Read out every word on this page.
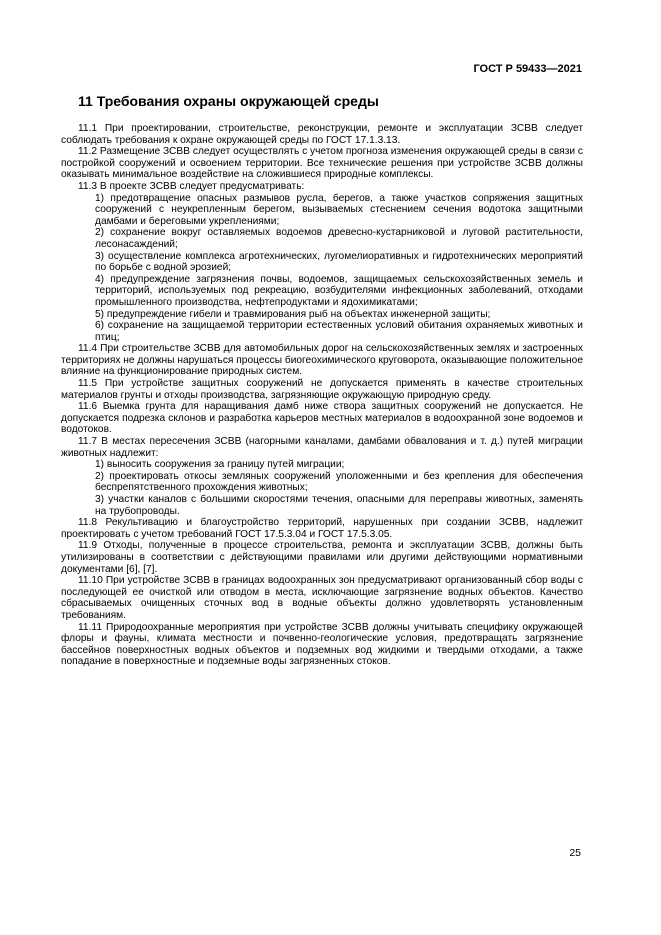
ГОСТ Р 59433—2021
11 Требования охраны окружающей среды

11.1 При проектировании, строительстве, реконструкции, ремонте и эксплуатации ЗСВВ следует соблюдать требования к охране окружающей среды по ГОСТ 17.1.3.13.

11.2 Размещение ЗСВВ следует осуществлять с учетом прогноза изменения окружающей среды в связи с постройкой сооружений и освоением территории. Все технические решения при устройстве ЗСВВ должны оказывать минимальное воздействие на сложившиеся природные комплексы.

11.3 В проекте ЗСВВ следует предусматривать:

1) предотвращение опасных размывов русла, берегов, а также участков сопряжения защитных сооружений с неукрепленным берегом, вызываемых стеснением сечения водотока защитными дамбами и береговыми укреплениями;

2) сохранение вокруг оставляемых водоемов древесно-кустарниковой и луговой растительности, лесонасаждений;

3) осуществление комплекса агротехнических, лугомелиоративных и гидротехнических мероприятий по борьбе с водной эрозией;

4) предупреждение загрязнения почвы, водоемов, защищаемых сельскохозяйственных земель и территорий, используемых под рекреацию, возбудителями инфекционных заболеваний, отходами промышленного производства, нефтепродуктами и ядохимикатами;

5) предупреждение гибели и травмирования рыб на объектах инженерной защиты;

6) сохранение на защищаемой территории естественных условий обитания охраняемых животных и птиц;

11.4 При строительстве ЗСВВ для автомобильных дорог на сельскохозяйственных землях и застроенных территориях не должны нарушаться процессы биогеохимического круговорота, оказывающие положительное влияние на функционирование природных систем.

11.5 При устройстве защитных сооружений не допускается применять в качестве строительных материалов грунты и отходы производства, загрязняющие окружающую природную среду.

11.6 Выемка грунта для наращивания дамб ниже створа защитных сооружений не допускается. Не допускается подрезка склонов и разработка карьеров местных материалов в водоохранной зоне водоемов и водотоков.

11.7 В местах пересечения ЗСВВ (нагорными каналами, дамбами обвалования и т. д.) путей миграции животных надлежит:

1) выносить сооружения за границу путей миграции;

2) проектировать откосы земляных сооружений уположенными и без крепления для обеспечения беспрепятственного прохождения животных;

3) участки каналов с большими скоростями течения, опасными для переправы животных, заменять на трубопроводы.

11.8 Рекультивацию и благоустройство территорий, нарушенных при создании ЗСВВ, надлежит проектировать с учетом требований ГОСТ 17.5.3.04 и ГОСТ 17.5.3.05.

11.9 Отходы, полученные в процессе строительства, ремонта и эксплуатации ЗСВВ, должны быть утилизированы в соответствии с действующими правилами или другими действующими нормативными документами [6], [7].

11.10 При устройстве ЗСВВ в границах водоохранных зон предусматривают организованный сбор воды с последующей ее очисткой или отводом в места, исключающие загрязнение водных объектов. Качество сбрасываемых очищенных сточных вод в водные объекты должно удовлетворять установленным требованиям.

11.11 Природоохранные мероприятия при устройстве ЗСВВ должны учитывать специфику окружающей флоры и фауны, климата местности и почвенно-геологические условия, предотвращать загрязнение бассейнов поверхностных водных объектов и подземных вод жидкими и твердыми отходами, а также попадание в поверхностные и подземные воды загрязненных стоков.

25
